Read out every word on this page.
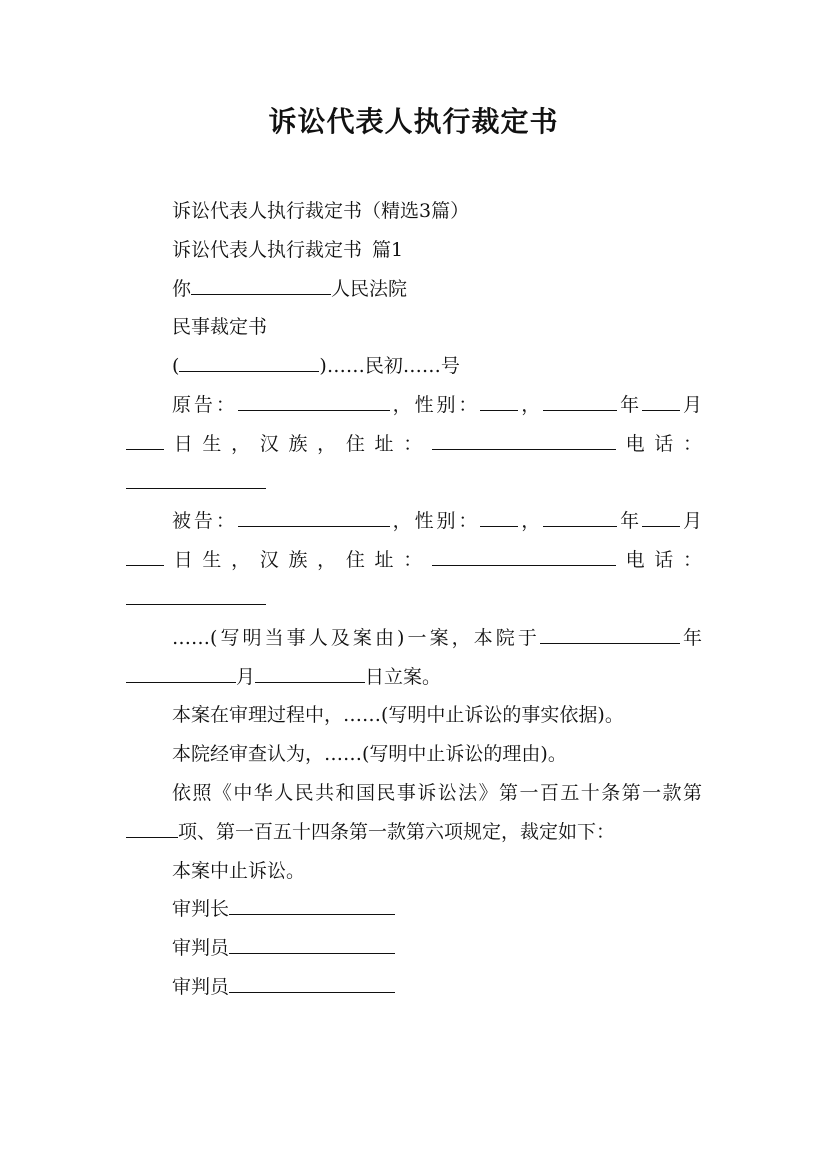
诉讼代表人执行裁定书

诉讼代表人执行裁定书（精选3篇）

诉讼代表人执行裁定书 篇1

你	人民法院

民事裁定书

(	)……民初……号

原告：	，性别： ，	年 月日生，汉族，住址：	电话：

被告：	，性别： ，	年 月日生，汉族，住址：	电话：

……(写明当事人及案由)一案，本院于	年月	日立案。

本案在审理过程中，……(写明中止诉讼的事实依据)。

本院经审查认为，……(写明中止诉讼的理由)。

依照《中华人民共和国民事诉讼法》第一百五十条第一款第项、第一百五十四条第一款第六项规定，裁定如下：

本案中止诉讼。

审判长

审判员

审判员
